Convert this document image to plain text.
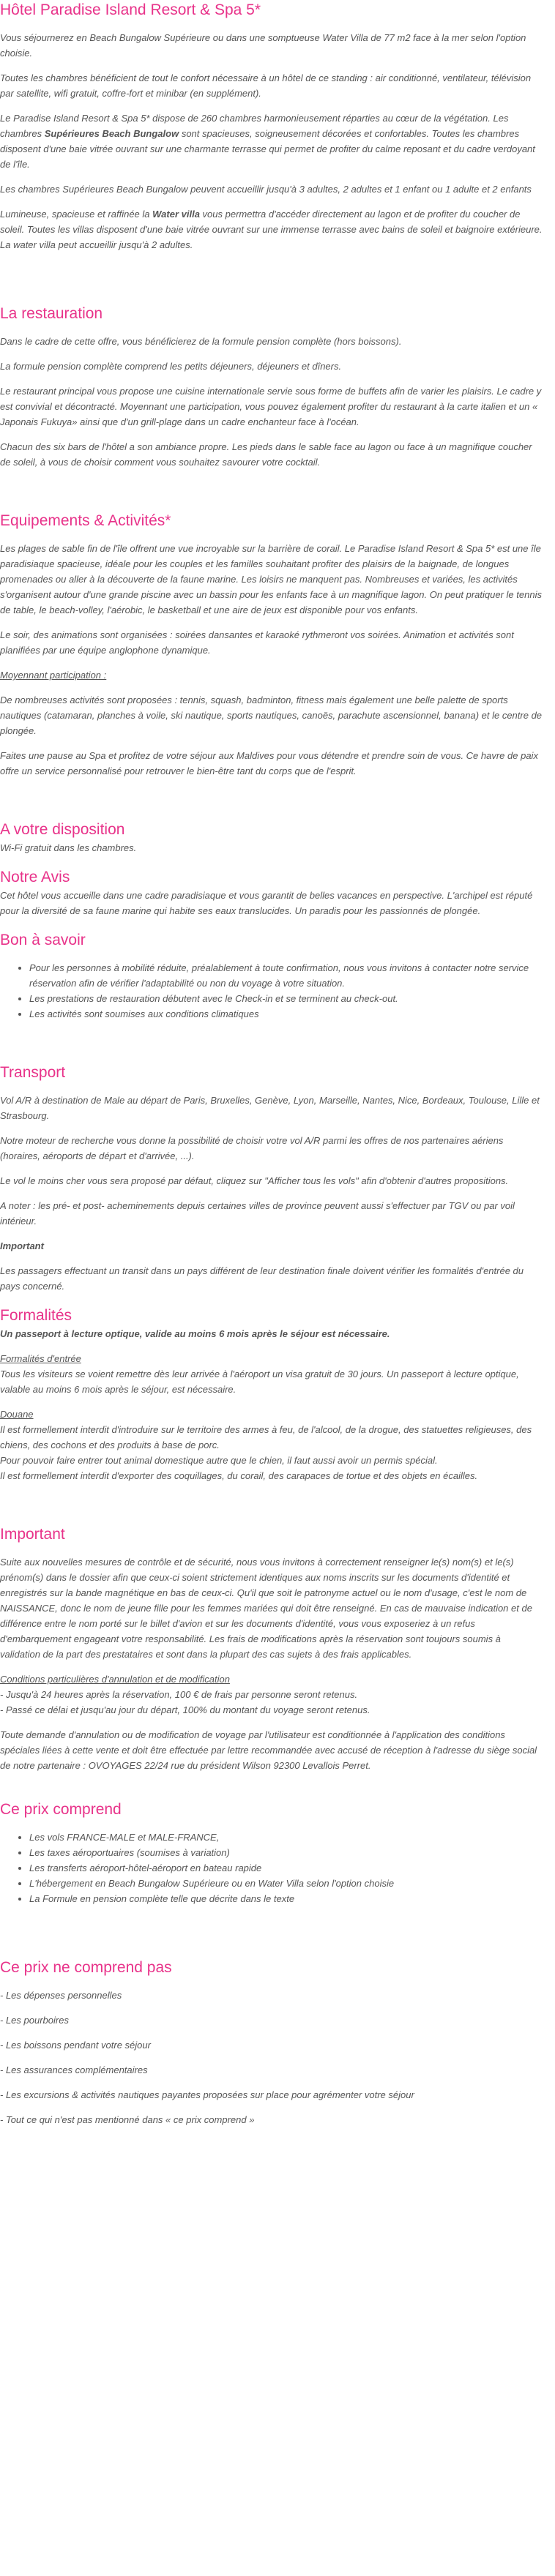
Hôtel Paradise Island Resort & Spa 5*

Vous séjournerez en Beach Bungalow Supérieure ou dans une somptueuse Water Villa de 77 m2 face à la mer selon l'option choisie.

Toutes les chambres bénéficient de tout le confort nécessaire à un hôtel de ce standing : air conditionné, ventilateur, télévision par satellite, wifi gratuit, coffre-fort et minibar (en supplément).

Le Paradise Island Resort & Spa 5* dispose de 260 chambres harmonieusement réparties au cœur de la végétation. Les chambres Supérieures Beach Bungalow sont spacieuses, soigneusement décorées et confortables. Toutes les chambres disposent d'une baie vitrée ouvrant sur une charmante terrasse qui permet de profiter du calme reposant et du cadre verdoyant de l'île.

Les chambres Supérieures Beach Bungalow peuvent accueillir jusqu'à 3 adultes, 2 adultes et 1 enfant ou 1 adulte et 2 enfants

Lumineuse, spacieuse et raffinée la Water villa vous permettra d'accéder directement au lagon et de profiter du coucher de soleil. Toutes les villas disposent d'une baie vitrée ouvrant sur une immense terrasse avec bains de soleil et baignoire extérieure. La water villa peut accueillir jusqu'à 2 adultes.

La restauration

Dans le cadre de cette offre, vous bénéficierez de la formule pension complète (hors boissons).

La formule pension complète comprend les petits déjeuners, déjeuners et dîners.

Le restaurant principal vous propose une cuisine internationale servie sous forme de buffets afin de varier les plaisirs. Le cadre y est convivial et décontracté. Moyennant une participation, vous pouvez également profiter du restaurant à la carte italien et un « Japonais Fukuya» ainsi que d'un grill-plage dans un cadre enchanteur face à l'océan.

Chacun des six bars de l'hôtel a son ambiance propre. Les pieds dans le sable face au lagon ou face à un magnifique coucher de soleil, à vous de choisir comment vous souhaitez savourer votre cocktail.

Equipements & Activités*

Les plages de sable fin de l'île offrent une vue incroyable sur la barrière de corail. Le Paradise Island Resort & Spa 5* est une île paradisiaque spacieuse, idéale pour les couples et les familles souhaitant profiter des plaisirs de la baignade, de longues promenades ou aller à la découverte de la faune marine. Les loisirs ne manquent pas. Nombreuses et variées, les activités s'organisent autour d'une grande piscine avec un bassin pour les enfants face à un magnifique lagon. On peut pratiquer le tennis de table, le beach-volley, l'aérobic, le basketball et une aire de jeux est disponible pour vos enfants.

Le soir, des animations sont organisées : soirées dansantes et karaoké rythmeront vos soirées. Animation et activités sont planifiées par une équipe anglophone dynamique.

Moyennant participation :

De nombreuses activités sont proposées : tennis, squash, badminton, fitness mais également une belle palette de sports nautiques (catamaran, planches à voile, ski nautique, sports nautiques, canoës, parachute ascensionnel, banana) et le centre de plongée.

Faites une pause au Spa et profitez de votre séjour aux Maldives pour vous détendre et prendre soin de vous. Ce havre de paix offre un service personnalisé pour retrouver le bien-être tant du corps que de l'esprit.

A votre disposition

Wi-Fi gratuit dans les chambres.

Notre Avis

Cet hôtel vous accueille dans une cadre paradisiaque et vous garantit de belles vacances en perspective. L'archipel est réputé pour la diversité de sa faune marine qui habite ses eaux translucides. Un paradis pour les passionnés de plongée.

Bon à savoir
• Pour les personnes à mobilité réduite, préalablement à toute confirmation, nous vous invitons à contacter notre service réservation afin de vérifier l'adaptabilité ou non du voyage à votre situation.
• Les prestations de restauration débutent avec le Check-in et se terminent au check-out.
• Les activités sont soumises aux conditions climatiques
Transport

Vol A/R à destination de Male au départ de Paris, Bruxelles, Genève, Lyon, Marseille, Nantes, Nice, Bordeaux, Toulouse, Lille et Strasbourg.

Notre moteur de recherche vous donne la possibilité de choisir votre vol A/R parmi les offres de nos partenaires aériens (horaires, aéroports de départ et d'arrivée, ...).

Le vol le moins cher vous sera proposé par défaut, cliquez sur "Afficher tous les vols" afin d'obtenir d'autres propositions.

A noter : les pré- et post- acheminements depuis certaines villes de province peuvent aussi s'effectuer par TGV ou par voil intérieur.

Important

Les passagers effectuant un transit dans un pays différent de leur destination finale doivent vérifier les formalités d'entrée du pays concerné.

Formalités

Un passeport à lecture optique, valide au moins 6 mois après le séjour est nécessaire.

Formalités d'entrée

Tous les visiteurs se voient remettre dès leur arrivée à l'aéroport un visa gratuit de 30 jours. Un passeport à lecture optique, valable au moins 6 mois après le séjour, est nécessaire.

Douane

Il est formellement interdit d'introduire sur le territoire des armes à feu, de l'alcool, de la drogue, des statuettes religieuses, des chiens, des cochons et des produits à base de porc.

Pour pouvoir faire entrer tout animal domestique autre que le chien, il faut aussi avoir un permis spécial.

Il est formellement interdit d'exporter des coquillages, du corail, des carapaces de tortue et des objets en écailles.

Important

Suite aux nouvelles mesures de contrôle et de sécurité, nous vous invitons à correctement renseigner le(s) nom(s) et le(s) prénom(s) dans le dossier afin que ceux-ci soient strictement identiques aux noms inscrits sur les documents d'identité et enregistrés sur la bande magnétique en bas de ceux-ci. Qu'il que soit le patronyme actuel ou le nom d'usage, c'est le nom de NAISSANCE, donc le nom de jeune fille pour les femmes mariées qui doit être renseigné. En cas de mauvaise indication et de différence entre le nom porté sur le billet d'avion et sur les documents d'identité, vous vous exposeriez à un refus d'embarquement engageant votre responsabilité. Les frais de modifications après la réservation sont toujours soumis à validation de la part des prestataires et sont dans la plupart des cas sujets à des frais applicables.

Conditions particulières d'annulation et de modification

- Jusqu'à 24 heures après la réservation, 100 € de frais par personne seront retenus.

- Passé ce délai et jusqu'au jour du départ, 100% du montant du voyage seront retenus.

Toute demande d'annulation ou de modification de voyage par l'utilisateur est conditionnée à l'application des conditions spéciales liées à cette vente et doit être effectuée par lettre recommandée avec accusé de réception à l'adresse du siège social de notre partenaire : OVOYAGES 22/24 rue du président Wilson 92300 Levallois Perret.

Ce prix comprend
• Les vols FRANCE-MALE et MALE-FRANCE,
• Les taxes aéroportuaires (soumises à variation)
• Les transferts aéroport-hôtel-aéroport en bateau rapide
• L'hébergement en Beach Bungalow Supérieure ou en Water Villa selon l'option choisie
• La Formule en pension complète telle que décrite dans le texte
Ce prix ne comprend pas

- Les dépenses personnelles

- Les pourboires

- Les boissons pendant votre séjour

- Les assurances complémentaires

- Les excursions & activités nautiques payantes proposées sur place pour agrémenter votre séjour

- Tout ce qui n'est pas mentionné dans « ce prix comprend »
